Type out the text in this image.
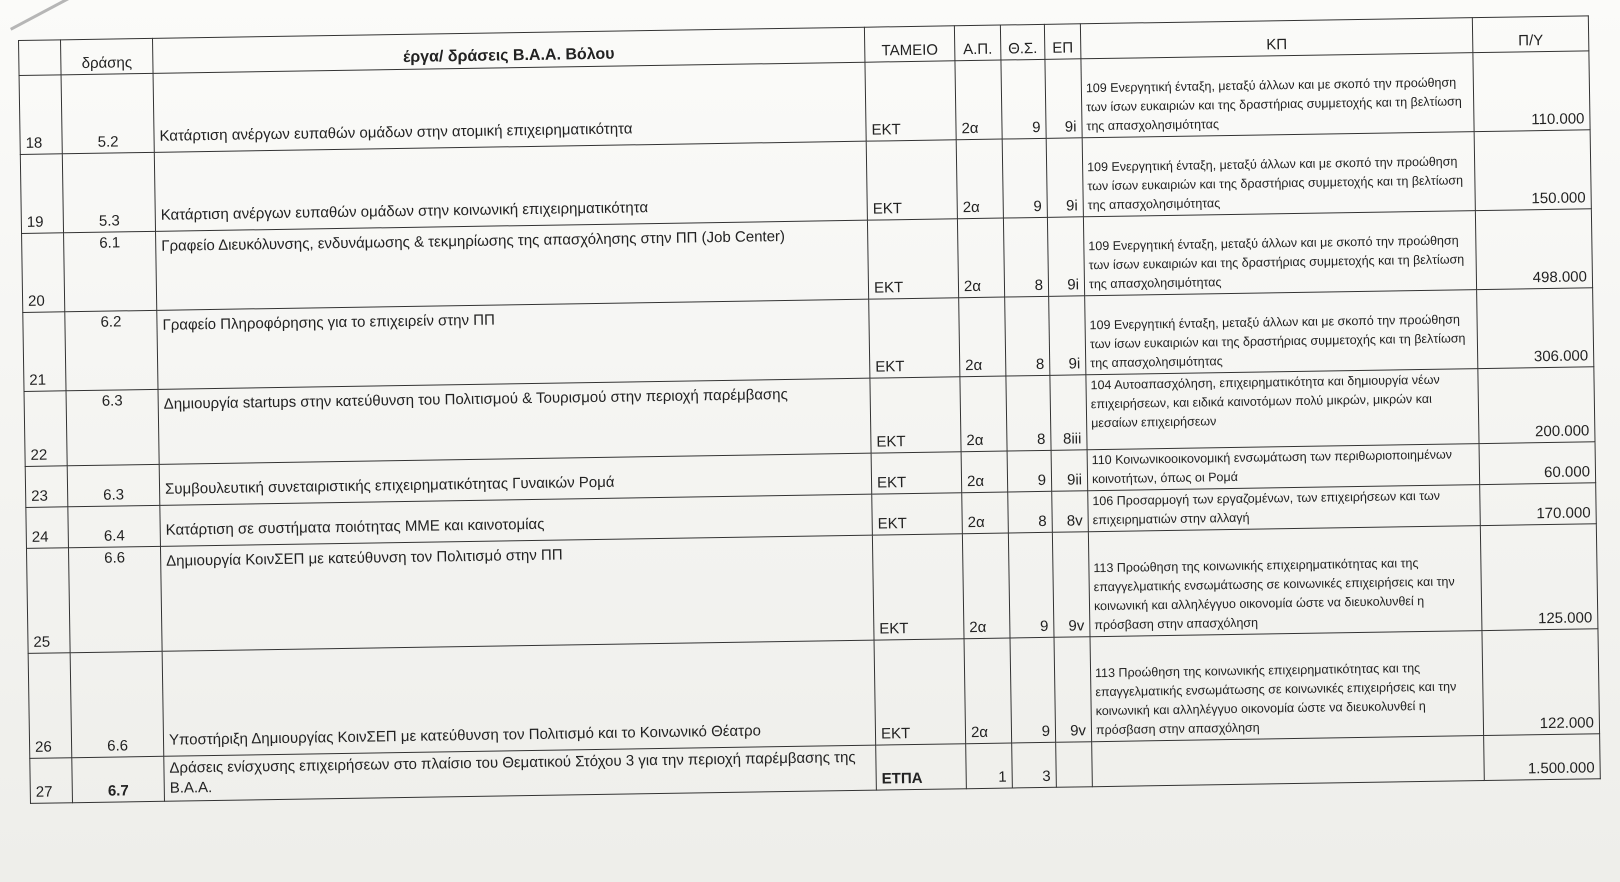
	δράσης	έργα/ δράσεις Β.Α.Α. Βόλου	ΤΑΜΕΙΟ	Α.Π.	Θ.Σ.	ΕΠ	ΚΠ	Π/Υ
18	5.2	Κατάρτιση ανέργων ευπαθών ομάδων στην ατομική επιχειρηματικότητα	ΕΚΤ	2α	9	9i	109 Ενεργητική ένταξη, μεταξύ άλλων και με σκοπό την προώθηση των ίσων ευκαιριών και της δραστήριας συμμετοχής και τη βελτίωση της απασχολησιμότητας	110.000
19	5.3	Κατάρτιση ανέργων ευπαθών ομάδων στην κοινωνική επιχειρηματικότητα	ΕΚΤ	2α	9	9i	109 Ενεργητική ένταξη, μεταξύ άλλων και με σκοπό την προώθηση των ίσων ευκαιριών και της δραστήριας συμμετοχής και τη βελτίωση της απασχολησιμότητας	150.000
20	6.1	Γραφείο Διευκόλυνσης, ενδυνάμωσης & τεκμηρίωσης της απασχόλησης στην ΠΠ (Job Center)	ΕΚΤ	2α	8	9i	109 Ενεργητική ένταξη, μεταξύ άλλων και με σκοπό την προώθηση των ίσων ευκαιριών και της δραστήριας συμμετοχής και τη βελτίωση της απασχολησιμότητας	498.000
21	6.2	Γραφείο Πληροφόρησης για το επιχειρείν στην ΠΠ	ΕΚΤ	2α	8	9i	109 Ενεργητική ένταξη, μεταξύ άλλων και με σκοπό την προώθηση των ίσων ευκαιριών και της δραστήριας συμμετοχής και τη βελτίωση της απασχολησιμότητας	306.000
22	6.3	Δημιουργία startups στην κατεύθυνση του Πολιτισμού & Τουρισμού στην περιοχή παρέμβασης	ΕΚΤ	2α	8	8iii	104 Αυτοαπασχόληση, επιχειρηματικότητα και δημιουργία νέων επιχειρήσεων, και ειδικά καινοτόμων πολύ μικρών, μικρών και μεσαίων επιχειρήσεων	200.000
23	6.3	Συμβουλευτική συνεταιριστικής επιχειρηματικότητας Γυναικών Ρομά	ΕΚΤ	2α	9	9ii	110 Κοινωνικοοικονομική ενσωμάτωση των περιθωριοποιημένων κοινοτήτων, όπως οι Ρομά	60.000
24	6.4	Κατάρτιση σε συστήματα ποιότητας ΜΜΕ και καινοτομίας	ΕΚΤ	2α	8	8v	106 Προσαρμογή των εργαζομένων, των επιχειρήσεων και των επιχειρηματιών στην αλλαγή	170.000
25	6.6	Δημιουργία ΚοινΣΕΠ με κατεύθυνση τον Πολιτισμό στην ΠΠ	ΕΚΤ	2α	9	9v	113 Προώθηση της κοινωνικής επιχειρηματικότητας και της επαγγελματικής ενσωμάτωσης σε κοινωνικές επιχειρήσεις και την κοινωνική και αλληλέγγυο οικονομία ώστε να διευκολυνθεί η πρόσβαση στην απασχόληση	125.000
26	6.6	Υποστήριξη Δημιουργίας ΚοινΣΕΠ με κατεύθυνση τον Πολιτισμό και το Κοινωνικό Θέατρο	ΕΚΤ	2α	9	9v	113 Προώθηση της κοινωνικής επιχειρηματικότητας και της επαγγελματικής ενσωμάτωσης σε κοινωνικές επιχειρήσεις και την κοινωνική και αλληλέγγυο οικονομία ώστε να διευκολυνθεί η πρόσβαση στην απασχόληση	122.000
27	6.7	Δράσεις ενίσχυσης επιχειρήσεων στο πλαίσιο του Θεματικού Στόχου 3 για την περιοχή παρέμβασης της Β.Α.Α.	ΕΤΠΑ	1	3			1.500.000
